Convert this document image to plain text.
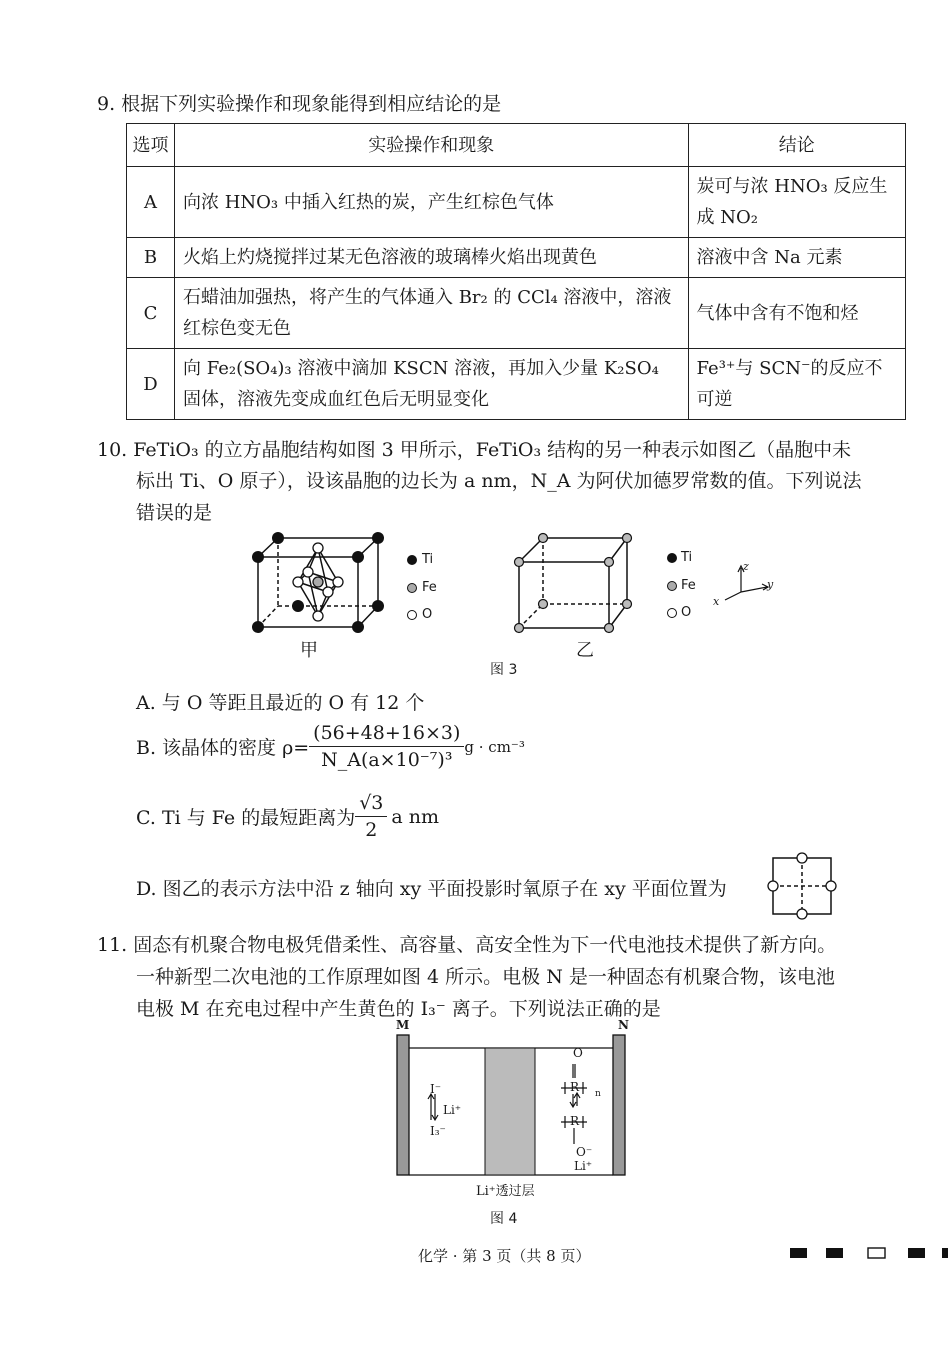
9. 根据下列实验操作和现象能得到相应结论的是
选项	实验操作和现象	结论
A	向浓 HNO₃ 中插入红热的炭，产生红棕色气体	炭可与浓 HNO₃ 反应生成 NO₂
B	火焰上灼烧搅拌过某无色溶液的玻璃棒火焰出现黄色	溶液中含 Na 元素
C	石蜡油加强热，将产生的气体通入 Br₂ 的 CCl₄ 溶液中，溶液红棕色变无色	气体中含有不饱和烃
D	向 Fe₂(SO₄)₃ 溶液中滴加 KSCN 溶液，再加入少量 K₂SO₄ 固体，溶液先变成血红色后无明显变化	Fe³⁺与 SCN⁻的反应不可逆
10. FeTiO₃ 的立方晶胞结构如图 3 甲所示，FeTiO₃ 结构的另一种表示如图乙（晶胞中未
标出 Ti、O 原子），设该晶胞的边长为 a nm，N_A 为阿伏加德罗常数的值。下列说法
错误的是
Ti
Fe
O
甲
Ti
Fe
O
z
y
x
乙
图 3
A. 与 O 等距且最近的 O 有 12 个
B. 该晶体的密度 $\rho= \frac{(56+48+16\times 3)}{\text{N\_A(a×10⁻⁷)³}}$ g · cm⁻³
C. Ti 与 Fe 的最短距离为 $\frac{√3}{2}$ a nm
D. 图乙的表示方法中沿 z 轴向 xy 平面投影时氧原子在 xy 平面位置为
11. 固态有机聚合物电极凭借柔性、高容量、高安全性为下一代电池技术提供了新方向。
一种新型二次电池的工作原理如图 4 所示。电极 N 是一种固态有机聚合物，该电池
电极 M 在充电过程中产生黄色的 I₃⁻ 离子。下列说法正确的是
M	N
I⁻
Li⁺
I₃⁻
O
R
R
n
O⁻
Li⁺
Li⁺透过层
图 4
化学 · 第 3 页（共 8 页）
